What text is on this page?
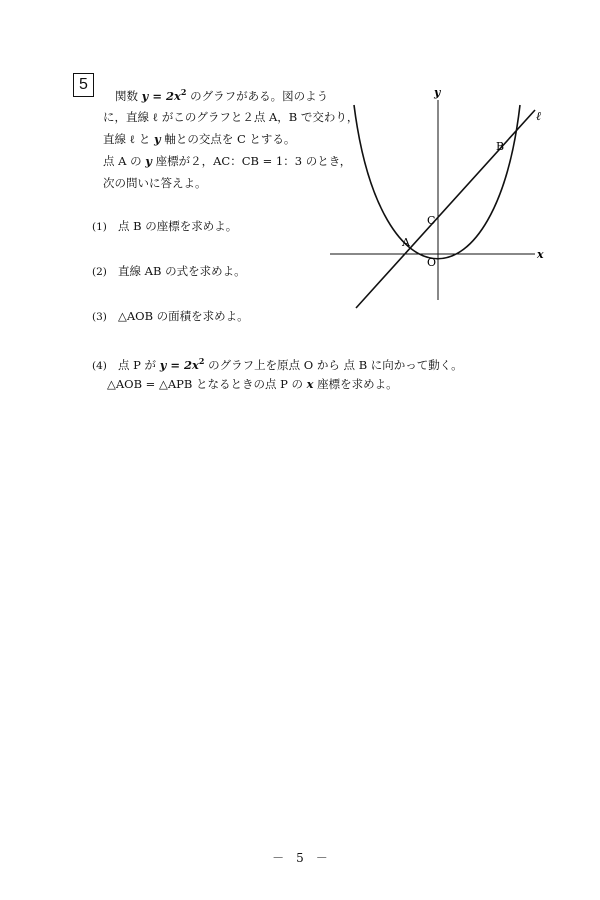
5
関数 $y = 2x^2$ のグラフがある。図のよう
に，直線 ℓ がこのグラフと２点 A，B で交わり，
直線 ℓ と y 軸との交点を C とする。
点 A の y 座標が２，AC：CB = 1：3 のとき，
次の問いに答えよ。
(1) 点 B の座標を求めよ。
(2) 直線 AB の式を求めよ。
(3) △AOB の面積を求めよ。
(4) 点 P が $y = 2x^2$ のグラフ上を原点 O から 点 B に向かって動く。
△AOB = △APB となるときの点 P の x 座標を求めよ。
y
x
ℓ
A
B
C
O
－　5　－
